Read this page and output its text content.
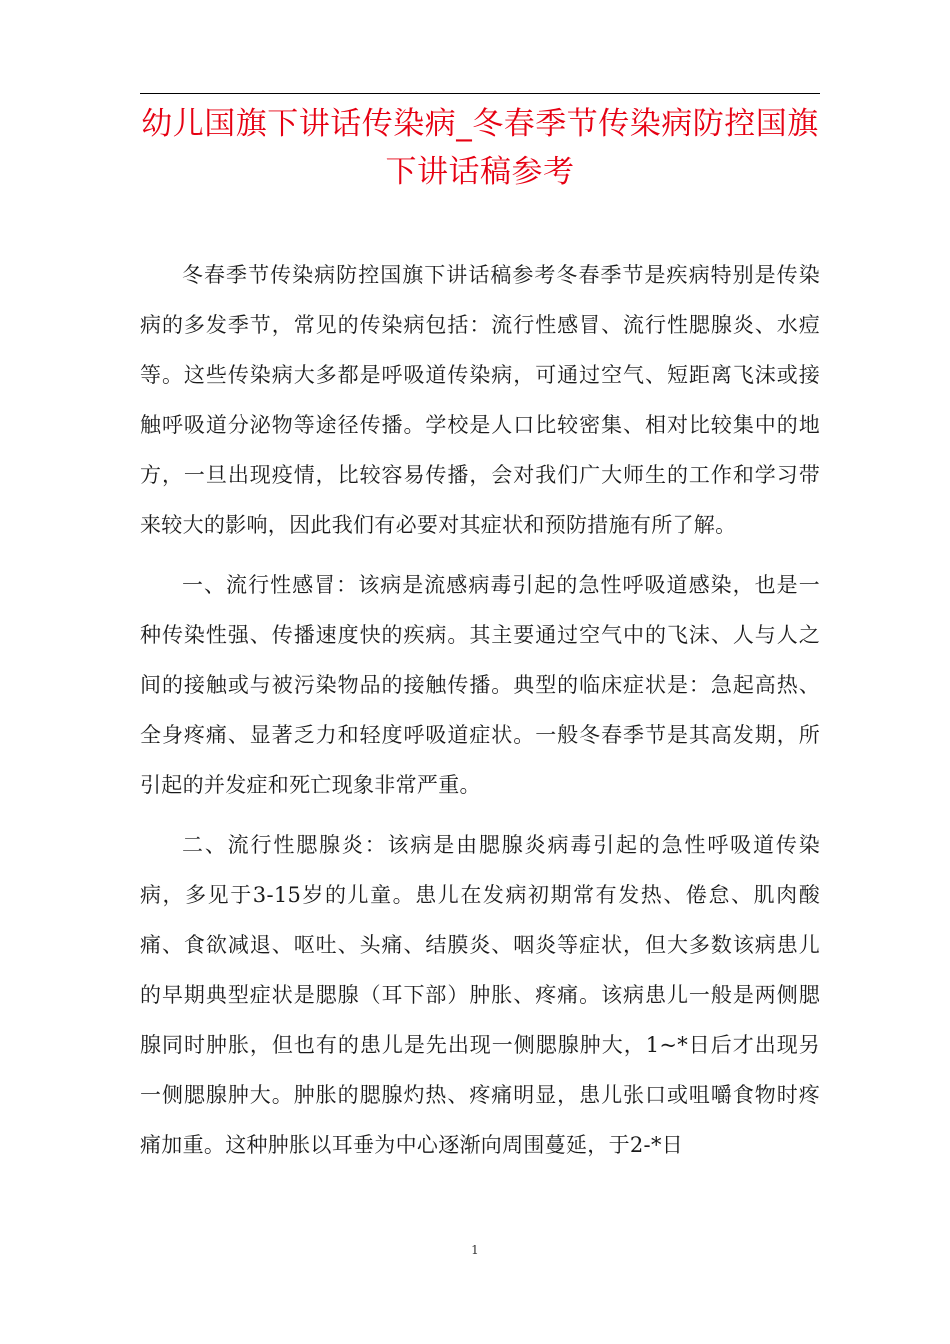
幼儿国旗下讲话传染病_冬春季节传染病防控国旗下讲话稿参考

冬春季节传染病防控国旗下讲话稿参考冬春季节是疾病特别是传染病的多发季节，常见的传染病包括：流行性感冒、流行性腮腺炎、水痘等。这些传染病大多都是呼吸道传染病，可通过空气、短距离飞沫或接触呼吸道分泌物等途径传播。学校是人口比较密集、相对比较集中的地方，一旦出现疫情，比较容易传播，会对我们广大师生的工作和学习带来较大的影响，因此我们有必要对其症状和预防措施有所了解。

一、流行性感冒：该病是流感病毒引起的急性呼吸道感染，也是一种传染性强、传播速度快的疾病。其主要通过空气中的飞沫、人与人之间的接触或与被污染物品的接触传播。典型的临床症状是：急起高热、全身疼痛、显著乏力和轻度呼吸道症状。一般冬春季节是其高发期，所引起的并发症和死亡现象非常严重。

二、流行性腮腺炎：该病是由腮腺炎病毒引起的急性呼吸道传染病，多见于3-15岁的儿童。患儿在发病初期常有发热、倦怠、肌肉酸痛、食欲减退、呕吐、头痛、结膜炎、咽炎等症状，但大多数该病患儿的早期典型症状是腮腺（耳下部）肿胀、疼痛。该病患儿一般是两侧腮腺同时肿胀，但也有的患儿是先出现一侧腮腺肿大，1~*日后才出现另一侧腮腺肿大。肿胀的腮腺灼热、疼痛明显，患儿张口或咀嚼食物时疼痛加重。这种肿胀以耳垂为中心逐渐向周围蔓延，于2-*日

1
